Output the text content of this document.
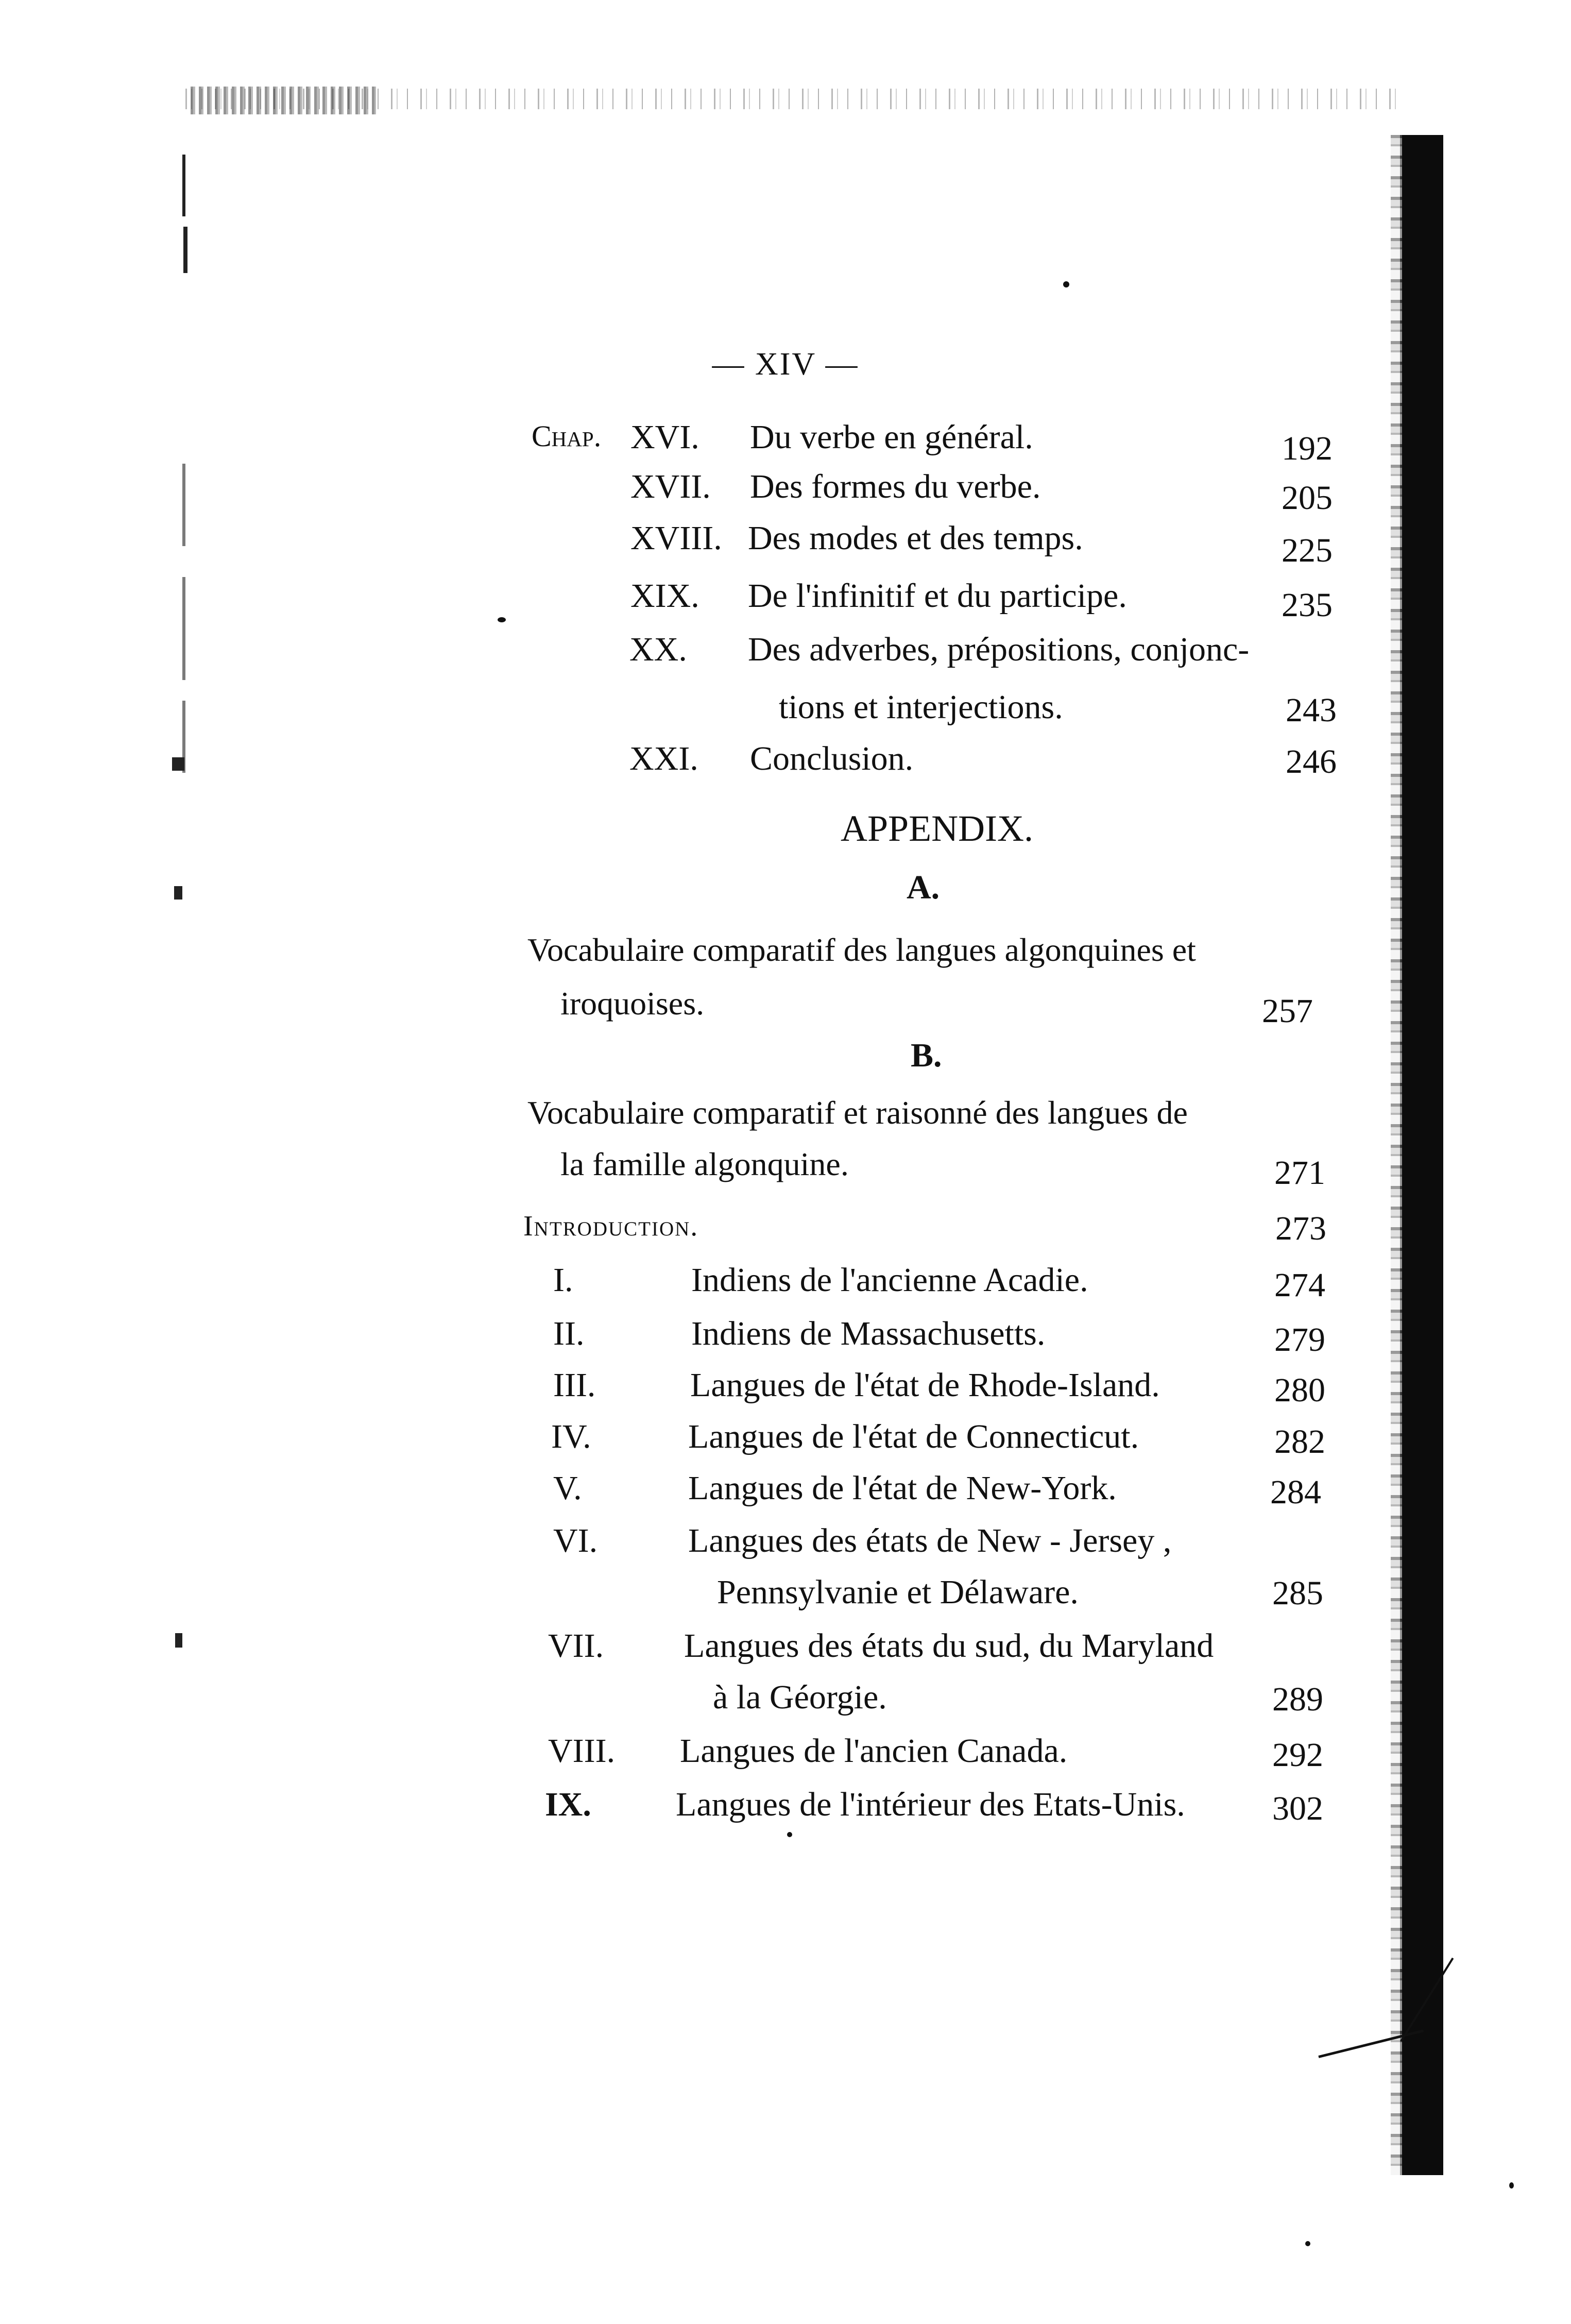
— XIV —
Chap. XVI. Du verbe en général.	192
XVII. Des formes du verbe.	205
XVIII. Des modes et des temps.	225
XIX. De l'infinitif et du participe.	235
XX. Des adverbes, prépositions, conjonc-
tions et interjections.	243
XXI. Conclusion.	246
APPENDIX.
A.
Vocabulaire comparatif des langues algonquines et
iroquoises.	257
B.
Vocabulaire comparatif et raisonné des langues de
la famille algonquine.	271
Introduction.	273
I.	Indiens de l'ancienne Acadie.	274
II.	Indiens de Massachusetts.	279
III.	Langues de l'état de Rhode-Island.	280
IV.	Langues de l'état de Connecticut.	282
V.	Langues de l'état de New-York.	284
VI.	Langues des états de New - Jersey ,
Pennsylvanie et Délaware.	285
VII. Langues des états du sud, du Maryland
à la Géorgie.	289
VIII. Langues de l'ancien Canada.	292
IX. Langues de l'intérieur des Etats-Unis.	302
